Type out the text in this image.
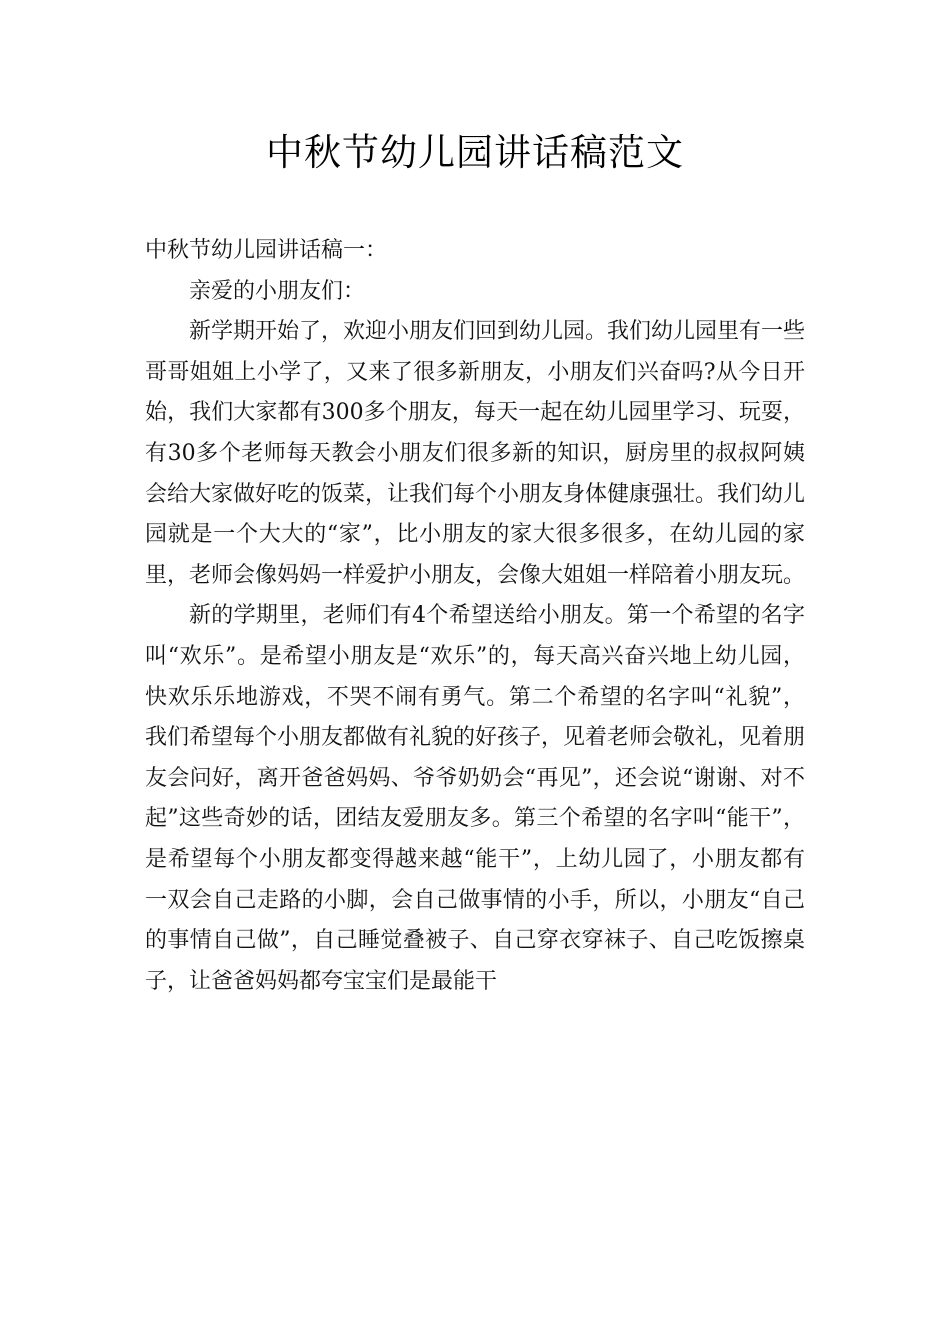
中秋节幼儿园讲话稿范文

中秋节幼儿园讲话稿一：

亲爱的小朋友们：

新学期开始了，欢迎小朋友们回到幼儿园。我们幼儿园里有一些哥哥姐姐上小学了，又来了很多新朋友，小朋友们兴奋吗?从今日开始，我们大家都有300多个朋友，每天一起在幼儿园里学习、玩耍，有30多个老师每天教会小朋友们很多新的知识，厨房里的叔叔阿姨会给大家做好吃的饭菜，让我们每个小朋友身体健康强壮。我们幼儿园就是一个大大的“家”，比小朋友的家大很多很多，在幼儿园的家里，老师会像妈妈一样爱护小朋友，会像大姐姐一样陪着小朋友玩。

新的学期里，老师们有4个希望送给小朋友。第一个希望的名字叫“欢乐”。是希望小朋友是“欢乐”的，每天高兴奋兴地上幼儿园，快欢乐乐地游戏，不哭不闹有勇气。第二个希望的名字叫“礼貌”，我们希望每个小朋友都做有礼貌的好孩子，见着老师会敬礼，见着朋友会问好，离开爸爸妈妈、爷爷奶奶会“再见”，还会说“谢谢、对不起”这些奇妙的话，团结友爱朋友多。第三个希望的名字叫“能干”，是希望每个小朋友都变得越来越“能干”，上幼儿园了，小朋友都有一双会自己走路的小脚，会自己做事情的小手，所以，小朋友“自己的事情自己做”，自己睡觉叠被子、自己穿衣穿袜子、自己吃饭擦桌子，让爸爸妈妈都夸宝宝们是最能干
